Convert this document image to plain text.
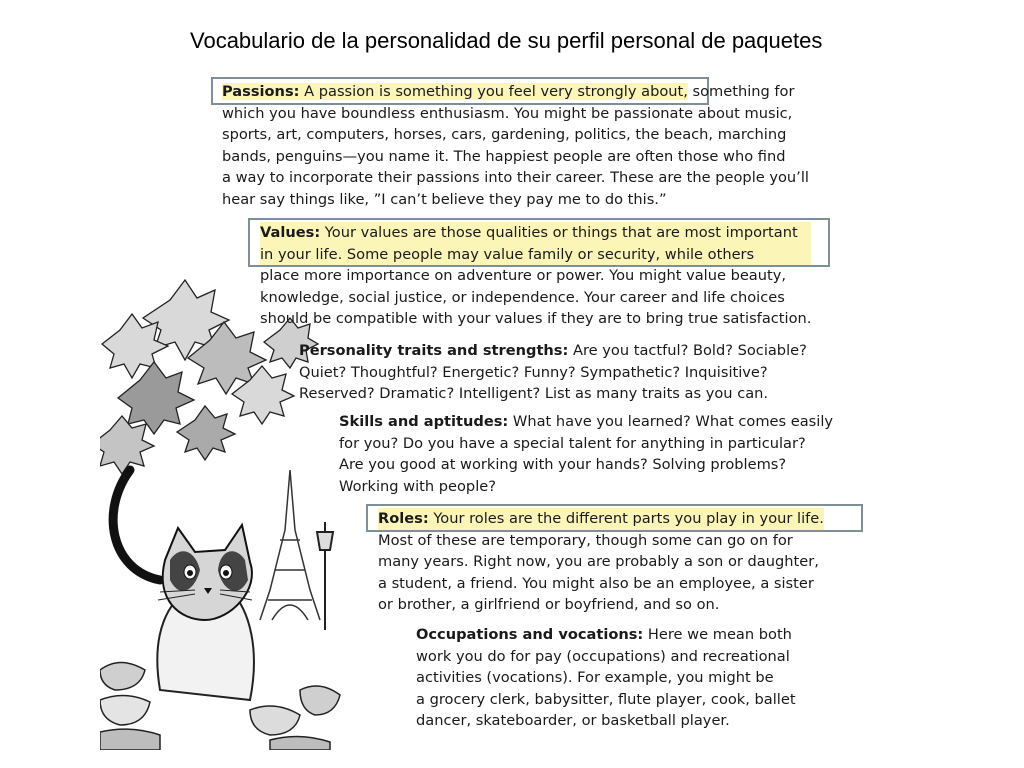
Vocabulario de la personalidad de su perfil personal de paquetes
Passions: A passion is something you feel very strongly about, something for
which you have boundless enthusiasm. You might be passionate about music,
sports, art, computers, horses, cars, gardening, politics, the beach, marching
bands, penguins—you name it. The happiest people are often those who find
a way to incorporate their passions into their career. These are the people you’ll
hear say things like, ”I can’t believe they pay me to do this.”
Values: Your values are those qualities or things that are most important
in your life. Some people may value family or security, while others
place more importance on adventure or power. You might value beauty,
knowledge, social justice, or independence. Your career and life choices
should be compatible with your values if they are to bring true satisfaction.
Personality traits and strengths: Are you tactful? Bold? Sociable?
Quiet? Thoughtful? Energetic? Funny? Sympathetic? Inquisitive?
Reserved? Dramatic? Intelligent? List as many traits as you can.
Skills and aptitudes: What have you learned? What comes easily
for you? Do you have a special talent for anything in particular?
Are you good at working with your hands? Solving problems?
Working with people?
Roles: Your roles are the different parts you play in your life.
Most of these are temporary, though some can go on for
many years. Right now, you are probably a son or daughter,
a student, a friend. You might also be an employee, a sister
or brother, a girlfriend or boyfriend, and so on.
Occupations and vocations: Here we mean both
work you do for pay (occupations) and recreational
activities (vocations). For example, you might be
a grocery clerk, babysitter, flute player, cook, ballet
dancer, skateboarder, or basketball player.
